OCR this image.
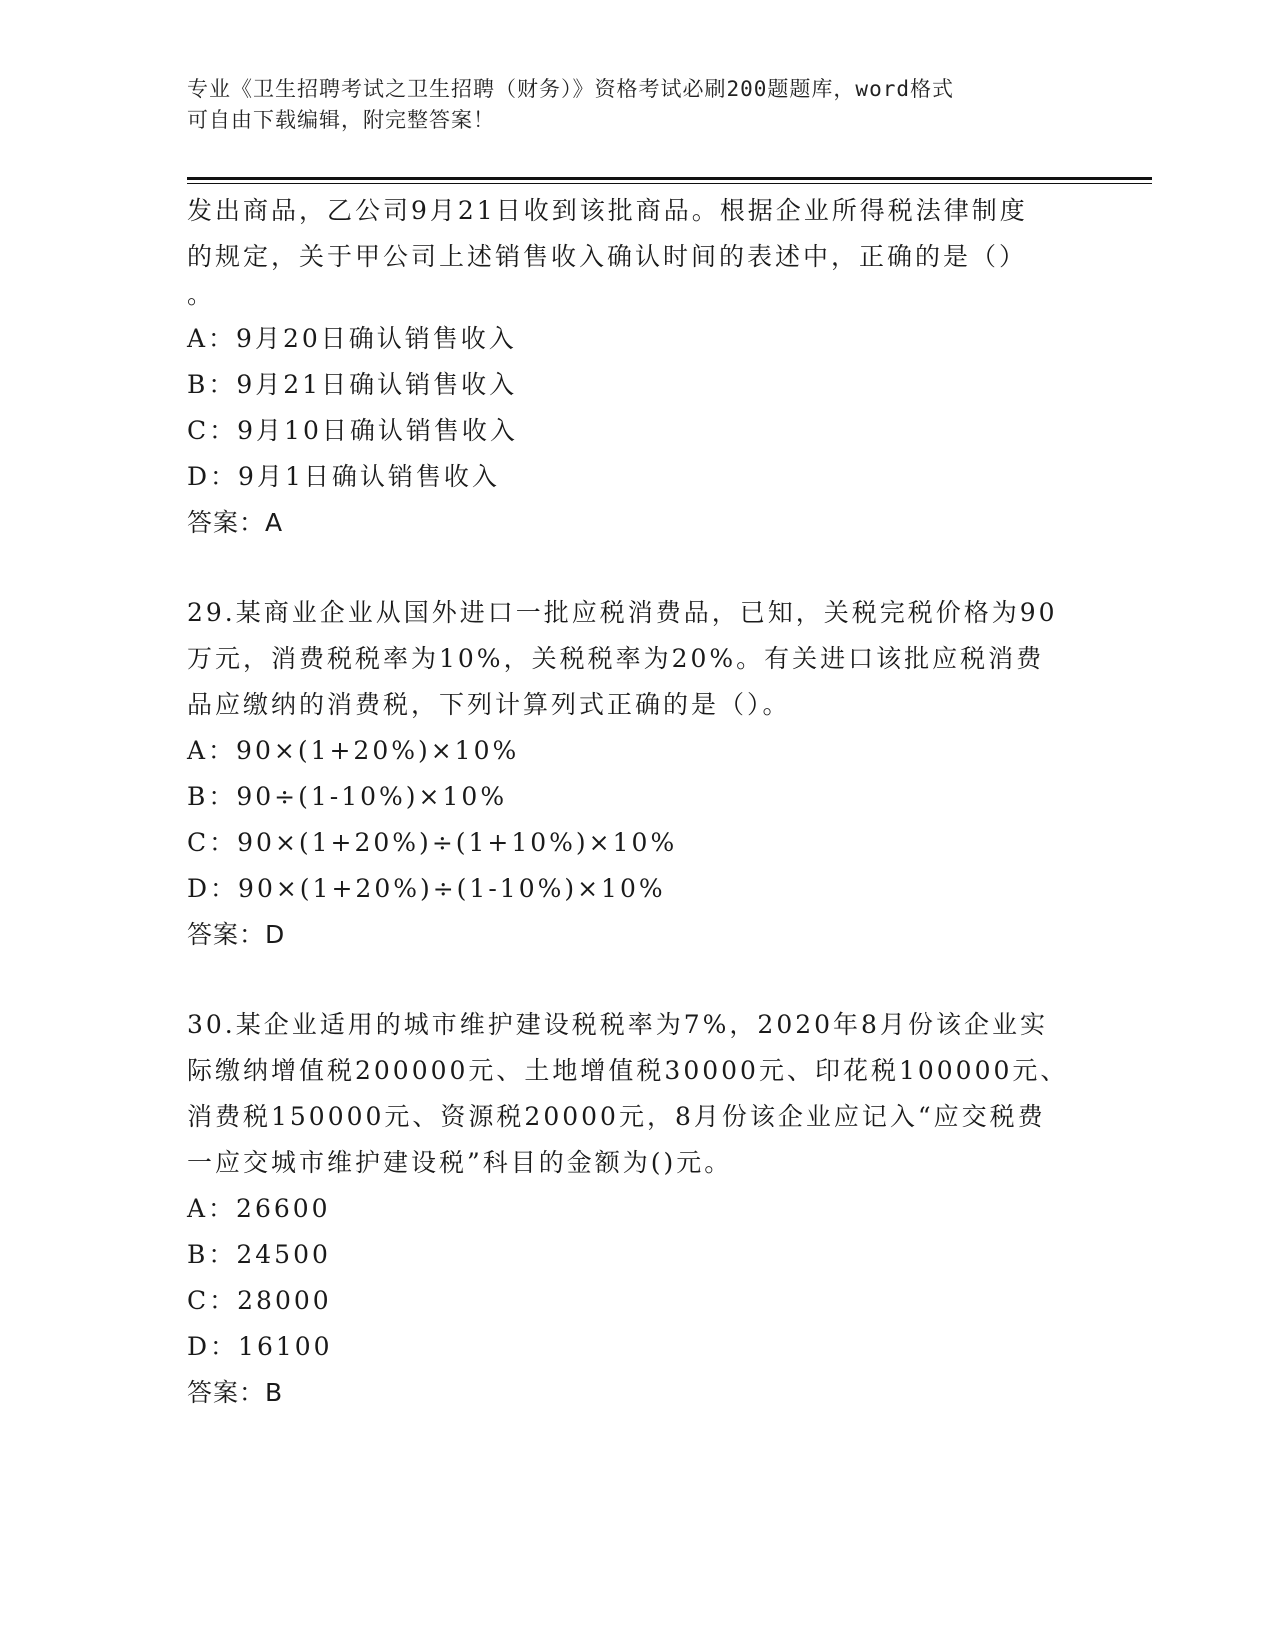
专业《卫生招聘考试之卫生招聘（财务）》资格考试必刷200题题库，word格式
可自由下载编辑，附完整答案！
发出商品，乙公司9月21日收到该批商品。根据企业所得税法律制度
的规定，关于甲公司上述销售收入确认时间的表述中，正确的是（）
。
A：9月20日确认销售收入
B：9月21日确认销售收入
C：9月10日确认销售收入
D：9月1日确认销售收入
答案：A
29.某商业企业从国外进口一批应税消费品，已知，关税完税价格为90
万元，消费税税率为10%，关税税率为20%。有关进口该批应税消费
品应缴纳的消费税，下列计算列式正确的是（）。
A：90×(1+20%)×10%
B：90÷(1-10%)×10%
C：90×(1+20%)÷(1+10%)×10%
D：90×(1+20%)÷(1-10%)×10%
答案：D
30.某企业适用的城市维护建设税税率为7%，2020年8月份该企业实
际缴纳增值税200000元、土地增值税30000元、印花税100000元、
消费税150000元、资源税20000元，8月份该企业应记入“应交税费
一应交城市维护建设税”科目的金额为()元。
A：26600
B：24500
C：28000
D：16100
答案：B
